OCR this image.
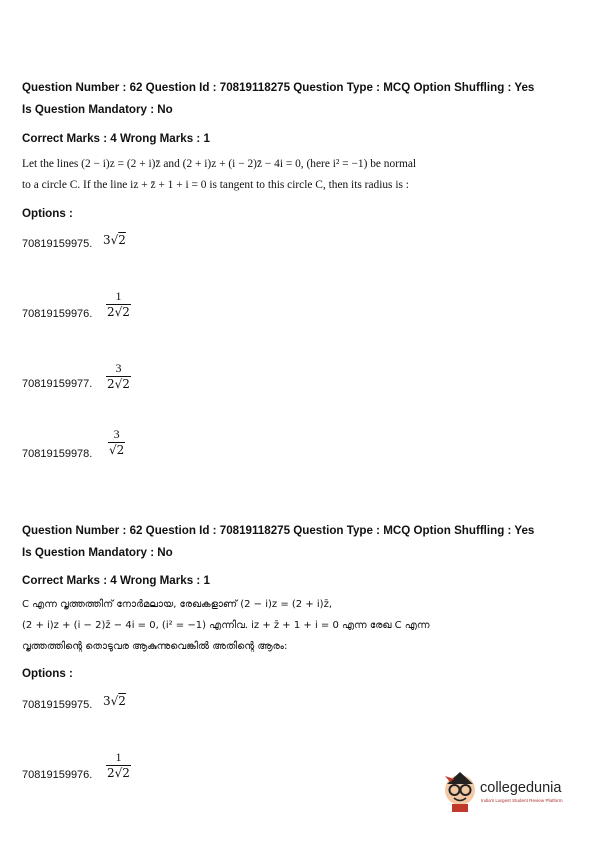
Question Number : 62 Question Id : 70819118275 Question Type : MCQ Option Shuffling : Yes
Is Question Mandatory : No
Correct Marks : 4 Wrong Marks : 1
Let the lines (2 − i)z = (2 + i)z̄ and (2 + i)z + (i − 2)z̄ − 4i = 0, (here i² = −1) be normal
to a circle C. If the line iz + z̄ + 1 + i = 0 is tangent to this circle C, then its radius is :
Options :
70819159975. 3√2
70819159976. $\frac{1}{2√2}$
70819159977. $\frac{3}{2√2}$
70819159978. $\frac{3}{√2}$
Question Number : 62 Question Id : 70819118275 Question Type : MCQ Option Shuffling : Yes
Is Question Mandatory : No
Correct Marks : 4 Wrong Marks : 1
C എന്ന വൃത്തത്തിന് നോർമലായ, രേഖകളാണ് (2 − i)z = (2 + i)z̄,
(2 + i)z + (i − 2)z̄ − 4i = 0, (i² = −1) എന്നിവ. iz + z̄ + 1 + i = 0 എന്ന രേഖ C എന്ന
വൃത്തത്തിന്റെ തൊടുവര ആകുന്നുവെങ്കിൽ അതിന്റെ ആരം:
Options :
70819159975. 3√2
70819159976. $\frac{1}{2√2}$
collegedunia
India's Largest Student Review Platform
